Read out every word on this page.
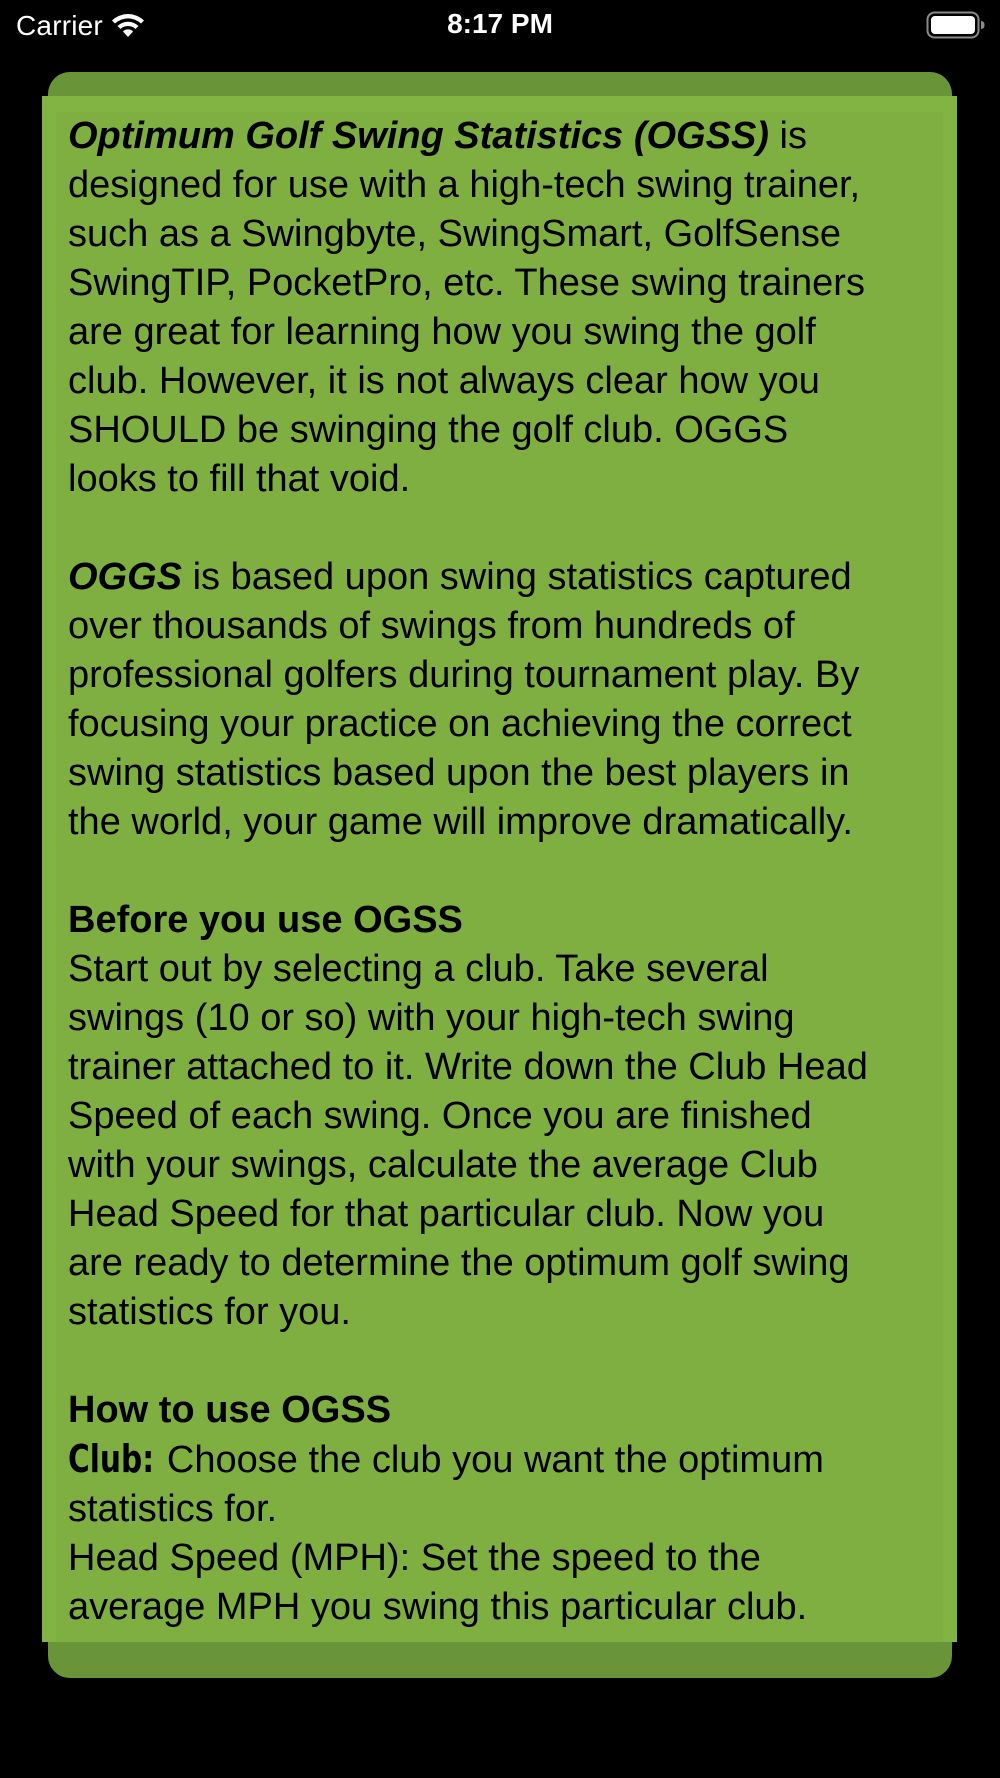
Carrier	8:17 PM

Optimum Golf Swing Statistics (OGSS) is
designed for use with a high-tech swing trainer,
such as a Swingbyte, SwingSmart, GolfSense
SwingTIP, PocketPro, etc. These swing trainers
are great for learning how you swing the golf
club. However, it is not always clear how you
SHOULD be swinging the golf club. OGGS
looks to fill that void.

OGGS is based upon swing statistics captured
over thousands of swings from hundreds of
professional golfers during tournament play. By
focusing your practice on achieving the correct
swing statistics based upon the best players in
the world, your game will improve dramatically.

Before you use OGSS
Start out by selecting a club. Take several
swings (10 or so) with your high-tech swing
trainer attached to it. Write down the Club Head
Speed of each swing. Once you are finished
with your swings, calculate the average Club
Head Speed for that particular club. Now you
are ready to determine the optimum golf swing
statistics for you.

How to use OGSS
Club: Choose the club you want the optimum
statistics for.
Head Speed (MPH): Set the speed to the
average MPH you swing this particular club.
